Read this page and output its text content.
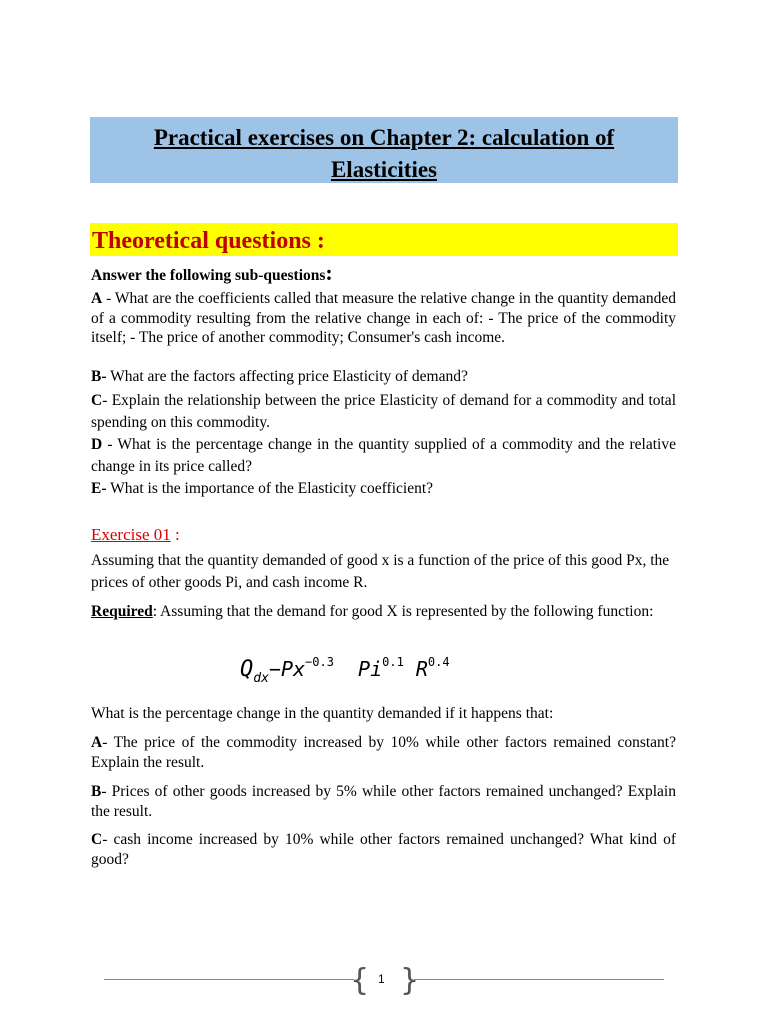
Practical exercises on Chapter 2: calculation of
Elasticities
Theoretical questions :
Answer the following sub-questions:
A - What are the coefficients called that measure the relative change in the quantity demanded of a commodity resulting from the relative change in each of: - The price of the commodity itself; - The price of another commodity; Consumer's cash income.
B- What are the factors affecting price Elasticity of demand?
C- Explain the relationship between the price Elasticity of demand for a commodity and total spending on this commodity.
D - What is the percentage change in the quantity supplied of a commodity and the relative change in its price called?
E- What is the importance of the Elasticity coefficient?
Exercise 01 :
Assuming that the quantity demanded of good x is a function of the price of this good Px, the prices of other goods Pi, and cash income R.
Required: Assuming that the demand for good X is represented by the following function:
$Q_{dx}-Px^{-0.3}$ $Pi^{0.1}$ $R^{0.4}$
What is the percentage change in the quantity demanded if it happens that:
A- The price of the commodity increased by 10% while other factors remained constant? Explain the result.
B- Prices of other goods increased by 5% while other factors remained unchanged? Explain the result.
C- cash income increased by 10% while other factors remained unchanged? What kind of good?
{ }
1
